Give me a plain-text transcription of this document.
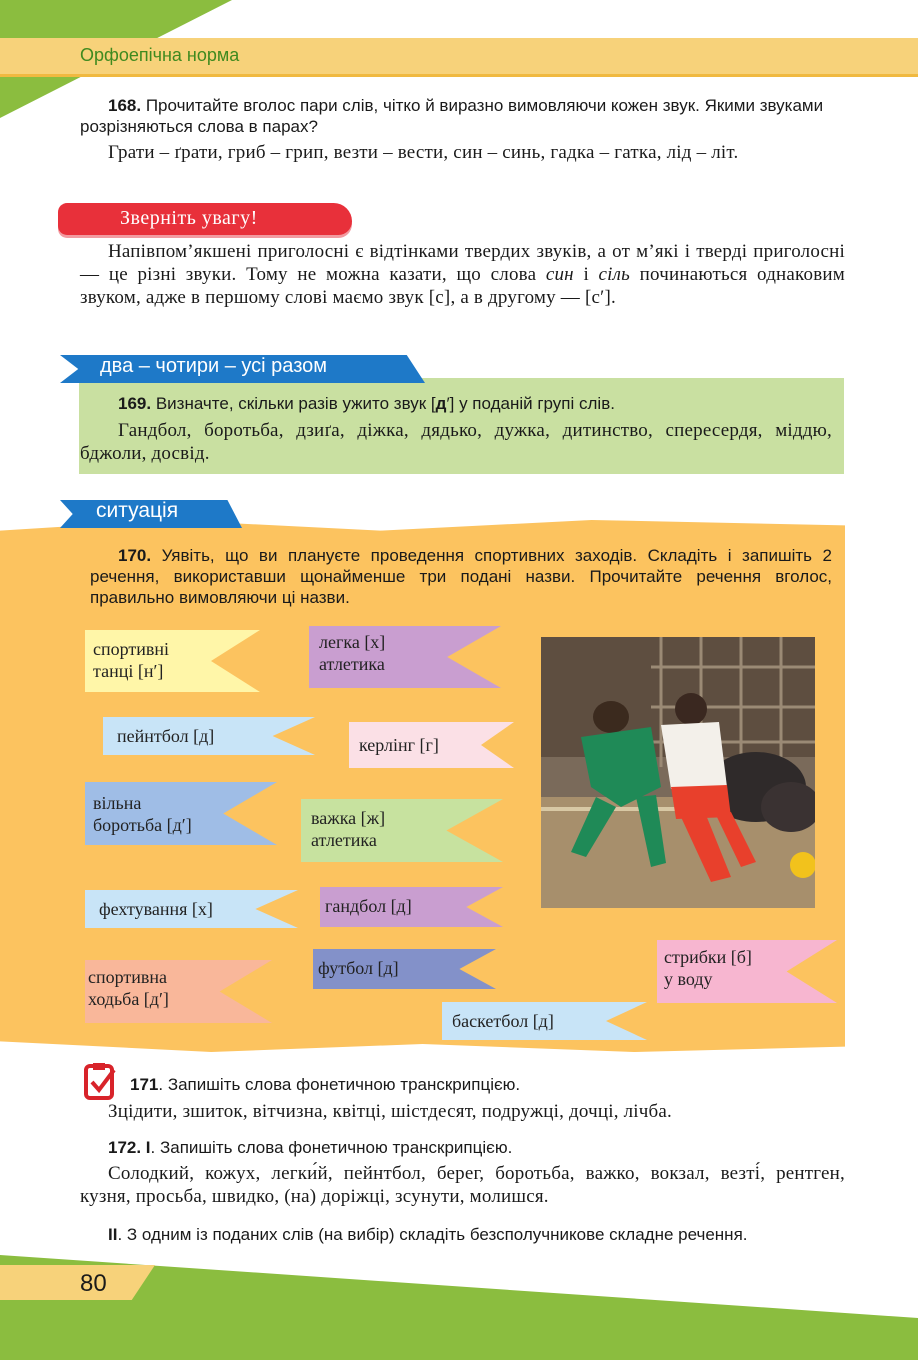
Орфоепічна норма
168. Прочитайте вголос пари слів, чітко й виразно вимовляючи кожен звук. Якими звуками розрізняються слова в парах?
Грати – ґрати, гриб – грип, везти – вести, син – синь, гадка – гатка, лід – літ.
Зверніть увагу!
Напівпом’якшені приголосні є відтінками твердих звуків, а от м’які і тверді приголосні — це різні звуки. Тому не можна казати, що слова син і сіль починаються однаковим звуком, адже в першому слові маємо звук [с], а в другому — [с′].
два – чотири – усі разом
169. Визначте, скільки разів ужито звук [д′] у поданій групі слів.
Гандбол, боротьба, дзиґа, діжка, дядько, дужка, дитинство, спересердя, міддю, бджоли, досвід.
ситуація
170. Уявіть, що ви плануєте проведення спортивних заходів. Складіть і запишіть 2 речення, використавши щонайменше три подані назви. Прочитайте речення вголос, правильно вимовляючи ці назви.
спортивні
танці [н′]
легка [х]
атлетика
пейнтбол [д]	керлінг [г]
вільна
боротьба [д′]	важка [ж]
атлетика
фехтування [х]	гандбол [д]
стрибки [б]
у воду
спортивна
ходьба [д′]
футбол [д]
баскетбол [д]
171. Запишіть слова фонетичною транскрипцією.
Зцідити, зшиток, вітчизна, квітці, шістдесят, подружці, дочці, лічба.
172. І. Запишіть слова фонетичною транскрипцією.
Солодкий, кожух, легки́й, пейнтбол, берег, боротьба, важко, вокзал, везті́, рентген, кузня, просьба, швидко, (на) доріжці, зсунути, молишся.
ІІ. З одним із поданих слів (на вибір) складіть безсполучникове складне речення.
80
